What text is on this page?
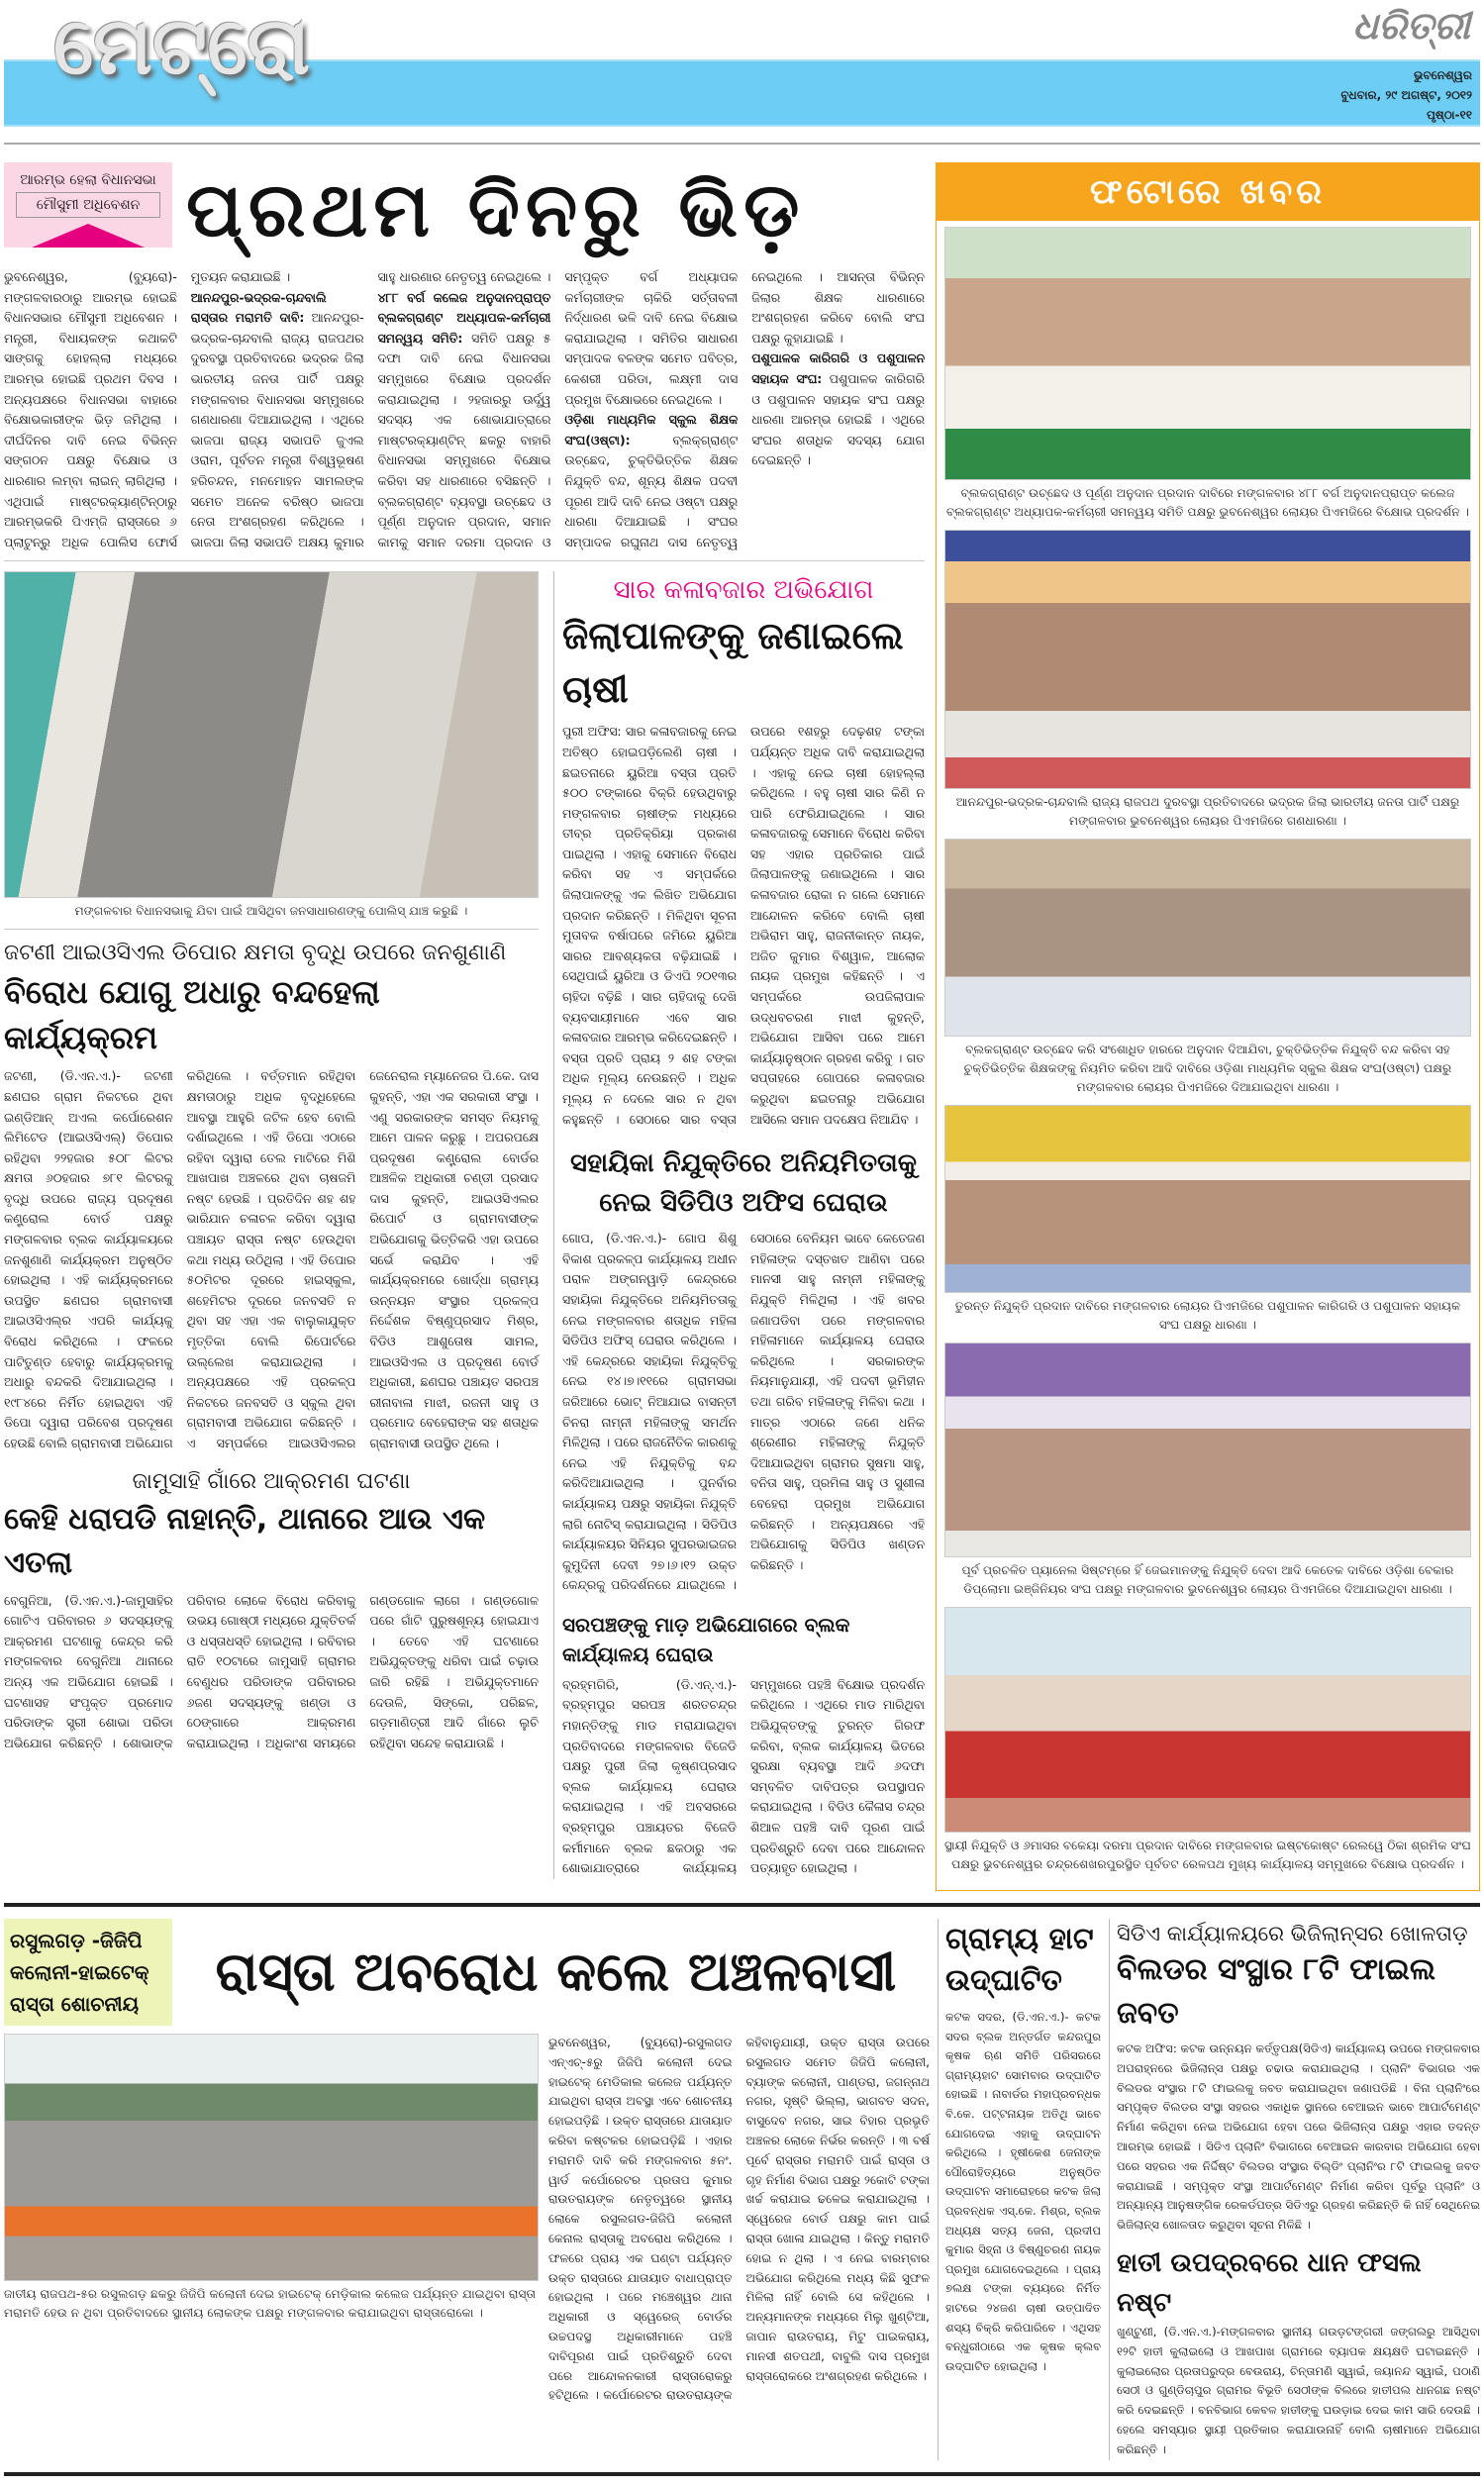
ମେଟ୍ରୋ	ଧରିତ୍ରୀ
ଭୁବନେଶ୍ୱର
ବୁଧବାର, ୨୯ ଅଗଷ୍ଟ, ୨୦୧୨
ପୃଷ୍ଠା-୧୧
ଆରମ୍ଭ ହେଲା ବିଧାନସଭା
ମୌସୁମୀ ଅଧିବେଶନ ପ୍ରଥମ ଦିନରୁ ଭିଡ଼
ଭୁବନେଶ୍ୱର, (ବ୍ୟୁରୋ)- ମଙ୍ଗଳବାରଠାରୁ ଆରମ୍ଭ ହୋଇଛି ବିଧାନସଭାର ମୌସୁମୀ ଅଧିବେଶନ । ମନ୍ତ୍ରୀ, ବିଧାୟକଙ୍କ କଥାକଟି ସାଙ୍ଗକୁ ହୋହଲ୍ଲା ମଧ୍ୟରେ ଆରମ୍ଭ ହୋଇଛି ପ୍ରଥମ ଦିବସ । ଅନ୍ୟପକ୍ଷରେ ବିଧାନସଭା ବାହାରେ ବିକ୍ଷୋଭକାରୀଙ୍କ ଭିଡ଼ ଜମିଥିଲା । ଦୀର୍ଘଦିନର ଦାବି ନେଇ ବିଭିନ୍ନ ସଙ୍ଗଠନ ପକ୍ଷରୁ ବିକ୍ଷୋଭ ଓ ଧାରଣାର ଲମ୍ବା ଲାଇନ୍ ଲାଗିଥିଲା । ଏଥିପାଇଁ ମାଷ୍ଟରକ୍ୟାଣ୍ଟିନ୍‌ଠାରୁ ଆରମ୍ଭକରି ପିଏମ୍‌ଜି ରାସ୍ତାରେ ୬ ପ୍ଲାଟୁନ୍‌ରୁ ଅଧିକ ପୋଲିସ ଫୋର୍ସ ମୁତୟନ କରାଯାଇଛି ।
ଆନନ୍ଦପୁର-ଭଦ୍ରକ-ଚାନ୍ଦବାଲି ରାସ୍ତାର ମରାମତି ଦାବି: ଆନନ୍ଦପୁର-ଭଦ୍ରକ-ଚାନ୍ଦବାଲି ରାଜ୍ୟ ରାଜପଥର ଦୁରବସ୍ଥା ପ୍ରତିବାଦରେ ଭଦ୍ରକ ଜିଲା ଭାରତୀୟ ଜନତା ପାର୍ଟି ପକ୍ଷରୁ ମଙ୍ଗଳବାର ବିଧାନସଭା ସମ୍ମୁଖରେ ଗଣଧାରଣା ଦିଆଯାଇଥିଲା । ଏଥିରେ ଭାଜପା ରାଜ୍ୟ ସଭାପତି ଜୁଏଲ ଓରାମ, ପୂର୍ବତନ ମନ୍ତ୍ରୀ ବିଶ୍ୱଭୂଷଣ ହରିଚନ୍ଦନ, ମନମୋହନ ସାମଲଙ୍କ ସମେତ ଅନେକ ବରିଷ୍ଠ ଭାଜପା ନେତା ଅଂଶଗ୍ରହଣ କରିଥିଲେ । ଭାଜପା ଜିଲା ସଭାପତି ଅକ୍ଷୟ କୁମାର ସାହୁ ଧାରଣାର ନେତୃତ୍ୱ ନେଇଥିଲେ ।
୪୮୮ ବର୍ଗ କଲେଜ ଅନୁଦାନପ୍ରାପ୍ତ ବ୍ଲକଗ୍ରାଣ୍ଟ ଅଧ୍ୟାପକ-କର୍ମଚାରୀ ସମନ୍ୱୟ ସମିତି: ସମିତି ପକ୍ଷରୁ ୫ ଦଫା ଦାବି ନେଇ ବିଧାନସଭା ସମ୍ମୁଖରେ ବିକ୍ଷୋଭ ପ୍ରଦର୍ଶନ କରାଯାଇଥିଲା । ୨ହଜାରରୁ ଊର୍ଦ୍ଧ୍ୱ ସଦସ୍ୟ ଏକ ଶୋଭାଯାତ୍ରାରେ ମାଷ୍ଟରକ୍ୟାଣ୍ଟିନ୍ ଛକରୁ ବାହାରି ବିଧାନସଭା ସମ୍ମୁଖରେ ବିକ୍ଷୋଭ କରିବା ସହ ଧାରଣାରେ ବସିଛନ୍ତି । ବ୍ଲକଗ୍ରାଣ୍ଟ ବ୍ୟବସ୍ଥା ଉଚ୍ଛେଦ ଓ ପୂର୍ଣ୍ଣ ଅନୁଦାନ ପ୍ରଦାନ, ସମାନ କାମକୁ ସମାନ ଦରମା ପ୍ରଦାନ ଓ ସମ୍ପୃକ୍ତ ବର୍ଗ ଅଧ୍ୟାପକ କର୍ମଚାରୀଙ୍କ ଚାକିରି ସର୍ତ୍ତାବଳୀ ନିର୍ଦ୍ଧାରଣ ଭଳି ଦାବି ନେଇ ବିକ୍ଷୋଭ କରାଯାଇଥିଲା । ସମିତିର ସାଧାରଣ ସମ୍ପାଦକ ବଳଙ୍କ ସମେତ ପବିତ୍ର, କେଶରୀ ପରିଡା, ଲକ୍ଷ୍ମୀ ଦାସ ପ୍ରମୁଖ ବିକ୍ଷୋଭରେ ନେଇଥିଲେ ।
ଓଡ଼ିଶା ମାଧ୍ୟମିକ ସ୍କୁଲ ଶିକ୍ଷକ ସଂଘ(ଓଷ୍ଟା): ବ୍ଲକ୍‌ଗ୍ରାଣ୍ଟ ଉଚ୍ଛେଦ, ଚୁକ୍ତିଭିତ୍ତିକ ଶିକ୍ଷକ ନିଯୁକ୍ତି ବନ୍ଦ, ଶୂନ୍ୟ ଶିକ୍ଷକ ପଦବୀ ପୂରଣ ଆଦି ଦାବି ନେଇ ଓଷ୍ଟା ପକ୍ଷରୁ ଧାରଣା ଦିଆଯାଇଛି । ସଂଘର ସମ୍ପାଦକ ରଘୁନାଥ ଦାସ ନେତୃତ୍ୱ ନେଇଥିଲେ । ଆସନ୍ତା ବିଭିନ୍ନ ଜିଲାର ଶିକ୍ଷକ ଧାରଣାରେ ଅଂଶଗ୍ରହଣ କରିବେ ବୋଲି ସଂଘ ପକ୍ଷରୁ କୁହାଯାଇଛି ।
ପଶୁପାଳକ କାରିଗରି ଓ ପଶୁପାଳନ ସହାୟକ ସଂଘ: ପଶୁପାଳକ କାରିଗରି ଓ ପଶୁପାଳନ ସହାୟକ ସଂଘ ପକ୍ଷରୁ ଧାରଣା ଆରମ୍ଭ ହୋଇଛି । ଏଥିରେ ସଂଘର ଶତାଧିକ ସଦସ୍ୟ ଯୋଗ ଦେଇଛନ୍ତି ।
ମଙ୍ଗଳବାର ବିଧାନସଭାକୁ ଯିବା ପାଇଁ ଆସିଥିବା ଜନସାଧାରଣଙ୍କୁ ପୋଲିସ୍ ଯାଞ୍ଚ କରୁଛି ।
ଜଟଣୀ ଆଇଓସିଏଲ ଡିପୋର କ୍ଷମତା ବୃଦ୍ଧି ଉପରେ ଜନଶୁଣାଣି
ବିରୋଧ ଯୋଗୁ ଅଧାରୁ ବନ୍ଦହେଲା କାର୍ଯ୍ୟକ୍ରମ
ଜଟଣୀ, (ଡି.ଏନ.ଏ.)- ଜଟଣୀ ଛଣଘର ଗ୍ରାମ ନିକଟରେ ଥିବା ଇଣ୍ଡିଆନ୍ ଅଏଲ କର୍ପୋରେଶନ ଲିମିଟେଡ (ଆଇଓସିଏଲ୍) ଡିପୋର ରହିଥିବା ୨୨ହଜାର ୫୦୮ ଲିଟର କ୍ଷମତା ୬୦ହଜାର ୭୮୧ ଲିଟରକୁ ବୃଦ୍ଧି ଉପରେ ରାଜ୍ୟ ପ୍ରଦୂଷଣ କଣ୍ଟ୍ରୋଲ ବୋର୍ଡ ପକ୍ଷରୁ ମଙ୍ଗଳବାର ବ୍ଲକ କାର୍ଯ୍ୟାଳୟରେ ଜନଶୁଣାଣି କାର୍ଯ୍ୟକ୍ରମ ଅନୁଷ୍ଠିତ ହୋଇଥିଲା । ଏହି କାର୍ଯ୍ୟକ୍ରମରେ ଉପସ୍ଥିତ ଛଣଘର ଗ୍ରାମବାସୀ ଆଇଓସିଏଲ୍‌ର ଏପରି କାର୍ଯ୍ୟକୁ ବିରୋଧ କରିଥିଲେ । ଫଳରେ ପାଟିତୁଣ୍ଡ ହେବାରୁ କାର୍ଯ୍ୟକ୍ରମକୁ ଅଧାରୁ ବନ୍ଦକରି ଦିଆଯାଇଥିଲା । ୧୯୮୪ରେ ନିର୍ମିତ ହୋଇଥିବା ଏହି ଡିପୋ ଦ୍ୱାରା ପରିବେଶ ପ୍ରଦୂଷଣ ହେଉଛି ବୋଲି ଗ୍ରାମବାସୀ ଅଭିଯୋଗ କରିଥିଲେ । ବର୍ତ୍ତମାନ ରହିଥିବା କ୍ଷମତାଠାରୁ ଅଧିକ ବୃଦ୍ଧିହେଲେ ଆବସ୍ଥା ଆହୁରି ଜଟିଳ ହେବ ବୋଲି ଦର୍ଶାଇଥିଲେ । ଏହି ଡିପୋ ଏଠାରେ ରହିବା ଦ୍ୱାରା ତେଲ ମାଟିରେ ମିଶି ଆଖପାଖ ଅଞ୍ଚଳରେ ଥିବା ଚାଷଜମି ନଷ୍ଟ ହେଉଛି । ପ୍ରତିଦିନ ଶହ ଶହ ଭାରିଯାନ ଚଳାଚଳ କରିବା ଦ୍ୱାରା ପଞ୍ଚାୟତ ରାସ୍ତା ନଷ୍ଟ ହେଉଥିବା କଥା ମଧ୍ୟ ଉଠିଥିଲା । ଏହି ଡିପୋର ୫୦ମିଟର ଦୂରରେ ହାଇସ୍କୁଲ, ଶହେମିଟର ଦୂରରେ ଜନବସତି ନ ଥିବା ସହ ଏହା ଏକ ବାଲୁକାଯୁକ୍ତ ମୃତ୍ତିକା ବୋଲି ରିପୋର୍ଟରେ ଉଲ୍ଲେଖ କରାଯାଇଥିଲା । ଅନ୍ୟପକ୍ଷରେ ଏହି ପ୍ରକଳ୍ପ ନିକଟରେ ଜନବସତି ଓ ସ୍କୁଲ ଥିବା ଗ୍ରାମବାସୀ ଅଭିଯୋଗ କରିଛନ୍ତି । ଏ ସମ୍ପର୍କରେ ଆଇଓସିଏଲର ଜେନେରାଲ ମ୍ୟାନେଜର ପି.କେ. ଦାସ କୁହନ୍ତି, ଏହା ଏକ ସରକାରୀ ସଂସ୍ଥା । ଏଣୁ ସରକାରଙ୍କ ସମସ୍ତ ନିୟମକୁ ଆମେ ପାଳନ କରୁଛୁ । ଅପରପକ୍ଷେ ପ୍ରଦୂଷଣ କଣ୍ଟ୍ରୋଲ ବୋର୍ଡର ଆଞ୍ଚଳିକ ଅଧିକାରୀ ଚଣ୍ଡୀ ପ୍ରସାଦ ଦାସ କୁହନ୍ତି, ଆଇଓସିଏଲର ରିପୋର୍ଟ ଓ ଗ୍ରାମବାସୀଙ୍କ ଅଭିଯୋଗକୁ ଭିତ୍ତିକରି ଏହା ଉପରେ ସର୍ଭେ କରାଯିବ । ଏହି କାର୍ଯ୍ୟକ୍ରମରେ ଖୋର୍ଦ୍ଧା ଗ୍ରାମ୍ୟ ଉନ୍ନୟନ ସଂସ୍ଥାର ପ୍ରକଳ୍ପ ନିର୍ଦ୍ଦେଶକ ବିଷ୍ଣୁପ୍ରସାଦ ମିଶ୍ର, ବିଡିଓ ଆଶୁତୋଷ ସାମଲ, ଆଇଓସିଏଲ ଓ ପ୍ରଦୂଷଣ ବୋର୍ଡ ଅଧିକାରୀ, ଛଣଘର ପଞ୍ଚାୟତ ସରପଞ୍ଚ ରୀନାବାଳା ମାଝୀ, ରଜନୀ ସାହୁ ଓ ପ୍ରମୋଦ ବେହେରାଙ୍କ ସହ ଶତାଧିକ ଗ୍ରାମବାସୀ ଉପସ୍ଥିତ ଥିଲେ ।
ଜାମୁସାହି ଗାଁରେ ଆକ୍ରମଣ ଘଟଣା
କେହି ଧରାପଡି ନାହାନ୍ତି, ଥାନାରେ ଆଉ ଏକ ଏତଲା
ବେଗୁନିଆ, (ଡି.ଏନ.ଏ.)-ଜାମୁସାହିର ଗୋଟିଏ ପରିବାରର ୬ ସଦସ୍ୟଙ୍କୁ ଆକ୍ରମଣ ଘଟଣାକୁ କେନ୍ଦ୍ର କରି ମଙ୍ଗଳବାର ବେଗୁନିଆ ଥାନାରେ ଅନ୍ୟ ଏକ ଅଭିଯୋଗ ହୋଇଛି । ଘଟଣାସହ ସଂପୃକ୍ତ ପ୍ରମୋଦ ପରିଡାଙ୍କ ସ୍ତ୍ରୀ ଶୋଭା ପରିଡା ଅଭିଯୋଗ କରିଛନ୍ତି । ଶୋଭାଙ୍କ ପରିବାର ଲୋକେ ବିରୋଧ କରିବାକୁ ଉଭୟ ଗୋଷ୍ଠୀ ମଧ୍ୟରେ ଯୁକ୍ତିତର୍କ ଓ ଧସ୍ତାଧସ୍ତି ହୋଇଥିଲା । ରବିବାର ରାତି ୧୦ଟାରେ ଜାମୁସାହି ଗ୍ରାମର ବେଣୁଧର ପରିଡାଙ୍କ ପରିବାରର ୬ଜଣ ସଦସ୍ୟଙ୍କୁ ଖଣ୍ଡା ଓ ଠେଙ୍ଗାରେ ଆକ୍ରମଣ କରାଯାଇଥିଲା । ଅଧିକାଂଶ ସମୟରେ ଗଣ୍ଡଗୋଳ ଲାଗେ । ଗଣ୍ଡଗୋଳ ପରେ ଗାଁଟି ପୁରୁଷଶୂନ୍ୟ ହୋଇଯାଏ । ତେବେ ଏହି ଘଟଣାରେ ଅଭିଯୁକ୍ତଙ୍କୁ ଧରିବା ପାଇଁ ଚଢ଼ାଉ ଜାରି ରହିଛି । ଅଭିଯୁକ୍ତମାନେ ଦେଉଳି, ସିଙ୍କୋ, ପରିଛଳ, ଗଡ଼ମାଣିତ୍ରୀ ଆଦି ଗାଁରେ ଲୁଚି ରହିଥିବା ସନ୍ଦେହ କରାଯାଉଛି ।
ସାର କଳାବଜାର ଅଭିଯୋଗ
ଜିଲାପାଳଙ୍କୁ ଜଣାଇଲେ ଚାଷୀ
ପୁରୀ ଅଫିସ: ସାର କଳାବଜାରକୁ ନେଇ ଅତିଷ୍ଠ ହୋଇପଡ଼ିଲେଣି ଚାଷୀ । ଛଇତନାରେ ୟୁରିଆ ବସ୍ତା ପ୍ରତି ୫୦୦ ଟଙ୍କାରେ ବିକ୍ରି ହେଉଥିବାରୁ ମଙ୍ଗଳବାର ଚାଷୀଙ୍କ ମଧ୍ୟରେ ତୀବ୍ର ପ୍ରତିକ୍ରିୟା ପ୍ରକାଶ ପାଇଥିଲା । ଏହାକୁ ସେମାନେ ବିରୋଧ କରିବା ସହ ଏ ସମ୍ପର୍କରେ ଜିଲାପାଳଙ୍କୁ ଏକ ଲିଖିତ ଅଭିଯୋଗ ପ୍ରଦାନ କରିଛନ୍ତି । ମିଳିଥିବା ସୂଚନା ମୁତାବକ ବର୍ଷାପରେ ଜମିରେ ୟୁରିଆ ସାରର ଆବଶ୍ୟକତା ବଢ଼ିଯାଇଛି । ସେଥିପାଇଁ ୟୁରିଆ ଓ ଡିଏପି ୨୦୧୩ର ଚାହିଦା ବଢ଼ିଛି । ସାର ଚାହିଦାକୁ ଦେଖି ବ୍ୟବସାୟୀମାନେ ଏବେ ସାର କଳାବଜାର ଆରମ୍ଭ କରିଦେଇଛନ୍ତି । ବସ୍ତା ପ୍ରତି ପ୍ରାୟ ୨ ଶହ ଟଙ୍କା ଅଧିକ ମୂଲ୍ୟ ନେଉଛନ୍ତି । ଅଧିକ ମୂଲ୍ୟ ନ ଦେଲେ ସାର ନ ଥିବା କହୁଛନ୍ତି । ସେଠାରେ ସାର ବସ୍ତା ଉପରେ ୧ଶହରୁ ଦେଢ଼ଶହ ଟଙ୍କା ପର୍ଯ୍ୟନ୍ତ ଅଧିକ ଦାବି କରାଯାଇଥିଲା । ଏହାକୁ ନେଇ ଚାଷୀ ହୋହଲ୍ଲା କରିଥିଲେ । ବହୁ ଚାଷୀ ସାର କିଣି ନ ପାରି ଫେରିଯାଇଥିଲେ । ସାର କଳାବଜାରକୁ ସେମାନେ ବିରୋଧ କରିବା ସହ ଏହାର ପ୍ରତିକାର ପାଇଁ ଜିଲାପାଳଙ୍କୁ ଜଣାଇଥିଲେ । ସାର କଳାବଜାର ରୋକା ନ ଗଲେ ସେମାନେ ଆନ୍ଦୋଳନ କରିବେ ବୋଲି ଚାଷୀ ଅଭିରାମ ସାହୁ, ରାଜନୀକାନ୍ତ ନାୟକ, ଅଜିତ କୁମାର ବିଶ୍ୱାଳ, ଆଲୋକ ନାୟକ ପ୍ରମୁଖ କହିଛନ୍ତି । ଏ ସମ୍ପର୍କରେ ଉପଜିଲାପାଳ ଉଦ୍ଧବଚରଣ ମାଝୀ କୁହନ୍ତି, ଅଭିଯୋଗ ଆସିବା ପରେ ଆମେ କାର୍ଯ୍ୟାନୁଷ୍ଠାନ ଗ୍ରହଣ କରିବୁ । ଗତ ସପ୍ତାହରେ ଗୋପରେ କଳାବଜାର କରୁଥିବା ଛଇତନାରୁ ଅଭିଯୋଗ ଆସିଲେ ସମାନ ପଦକ୍ଷେପ ନିଆଯିବ ।
ସହାୟିକା ନିଯୁକ୍ତିରେ ଅନିୟମିତତାକୁ
ନେଇ ସିଡିପିଓ ଅଫିସ ଘେରାଉ
ଗୋପ, (ଡି.ଏନ.ଏ.)- ଗୋପ ଶିଶୁ ବିକାଶ ପ୍ରକଳ୍ପ କାର୍ଯ୍ୟାଳୟ ଅଧୀନ ପରାଳ ଅଙ୍ଗନୱାଡ଼ି କେନ୍ଦ୍ରରେ ସହାୟିକା ନିଯୁକ୍ତିରେ ଅନିୟମିତତାକୁ ନେଇ ମଙ୍ଗଳବାର ଶତାଧିକ ମହିଳା ସିଡିପିଓ ଅଫିସ୍ ଘେରାଉ କରିଥିଲେ । ଏହି କେନ୍ଦ୍ରରେ ସହାୟିକା ନିଯୁକ୍ତିକୁ ନେଇ ୧୪।୭।୧୧ରେ ଗ୍ରାମସଭା ଜରିଆରେ ଭୋଟ୍ ନିଆଯାଇ ବାସନ୍ତୀ ଚିନରା ନାମ୍ନୀ ମହିଳାଙ୍କୁ ସମର୍ଥନ ମିଳିଥିଲା । ପରେ ରାଜନୈତିକ କାରଣକୁ ନେଇ ଏହି ନିଯୁକ୍ତିକୁ ବନ୍ଦ କରିଦିଆଯାଇଥିଲା । ପୁନର୍ବାର କାର୍ଯ୍ୟାଳୟ ପକ୍ଷରୁ ସହାୟିକା ନିଯୁକ୍ତି ଲାଗି ନୋଟିସ୍ କରାଯାଇଥିଲା । ସିଡିପିଓ କାର୍ଯ୍ୟାଳୟର ସିନିୟର ସୁପରଭାଇଜର କୁମୁଦିନୀ ଦେବୀ ୨୭।୬।୧୨ ଉକ୍ତ କେନ୍ଦ୍ରକୁ ପରିଦର୍ଶନରେ ଯାଇଥିଲେ । ସେଠାରେ ବେନିୟମ ଭାବେ କେତେଜଣ ମହିଳାଙ୍କ ଦସ୍ତଖତ ଆଣିବା ପରେ ମାନସୀ ସାହୁ ନାମ୍ନୀ ମହିଳାଙ୍କୁ ନିଯୁକ୍ତି ମିଳିଥିଲା । ଏହି ଖବର ଜଣାପଡିବା ପରେ ମଙ୍ଗଳବାର ମହିଳାମାନେ କାର୍ଯ୍ୟାଳୟ ଘେରାଉ କରିଥିଲେ । ସରକାରଙ୍କ ନିୟମାନୁଯାୟୀ, ଏହି ପଦବୀ ଭୂମିହୀନ ତଥା ଗରିବ ମହିଳାଙ୍କୁ ମିଳିବା କଥା । ମାତ୍ର ଏଠାରେ ଜଣେ ଧନିକ ଶ୍ରେଣୀର ମହିଳାଙ୍କୁ ନିଯୁକ୍ତି ଦିଆଯାଇଥିବା ଗ୍ରାମର ସୁଷମା ସାହୁ, ବନିତା ସାହୁ, ପ୍ରମିଳା ସାହୁ ଓ ସୁଶୀଳା ବେହେରା ପ୍ରମୁଖ ଅଭିଯୋଗ କରିଛନ୍ତି । ଅନ୍ୟପକ୍ଷରେ ଏହି ଅଭିଯୋଗକୁ ସିଡିପିଓ ଖଣ୍ଡନ କରିଛନ୍ତି ।
ସରପଞ୍ଚଙ୍କୁ ମାଡ଼ ଅଭିଯୋଗରେ ବ୍ଲକ କାର୍ଯ୍ୟାଳୟ ଘେରାଉ
ବ୍ରହ୍ମଗିରି, (ଡି.ଏନ୍.ଏ.)- ବ୍ରହ୍ମପୁର ସରପଞ୍ଚ ଶରତଚନ୍ଦ୍ର ମହାନ୍ତିଙ୍କୁ ମାଡ ମରାଯାଇଥିବା ପ୍ରତିବାଦରେ ମଙ୍ଗଳବାର ବିଜେଡି ପକ୍ଷରୁ ପୁରୀ ଜିଲା କୃଷ୍ଣପ୍ରସାଦ ବ୍ଲକ କାର୍ଯ୍ୟାଳୟ ଘେରାଉ କରାଯାଇଥିଲା । ଏହି ଅବସରରେ ବ୍ରହ୍ମପୁର ପଞ୍ଚାୟତର ବିଜେଡି କର୍ମୀମାନେ ବ୍ଲକ ଛକଠାରୁ ଏକ ଶୋଭାଯାତ୍ରାରେ କାର୍ଯ୍ୟାଳୟ ସମ୍ମୁଖରେ ପହଞ୍ଚି ବିକ୍ଷୋଭ ପ୍ରଦର୍ଶନ କରିଥିଲେ । ଏଥିରେ ମାଡ ମାରିଥିବା ଅଭିଯୁକ୍ତଙ୍କୁ ତୁରନ୍ତ ଗିରଫ କରିବା, ବ୍ଲକ କାର୍ଯ୍ୟାଳୟ ଭିତରେ ସୁରକ୍ଷା ବ୍ୟବସ୍ଥା ଆଦି ୬ଦଫା ସମ୍ବଳିତ ଦାବିପତ୍ର ଉପସ୍ଥାପନ କରାଯାଇଥିଲା । ବିଡିଓ କୈଳାସ ଚନ୍ଦ୍ର ଶିଆଳ ପହଞ୍ଚି ଦାବି ପୂରଣ ପାଇଁ ପ୍ରତିଶ୍ରୁତି ଦେବା ପରେ ଆନ୍ଦୋଳନ ପତ୍ୟାହୃତ ହୋଇଥିଲା ।
ଫଟୋରେ ଖବର
ବ୍ଲକଗ୍ରାଣ୍ଟ ଉଚ୍ଛେଦ ଓ ପୂର୍ଣ୍ଣ ଅନୁଦାନ ପ୍ରଦାନ ଦାବିରେ ମଙ୍ଗଳବାର ୪୮୮ ବର୍ଗ ଅନୁଦାନପ୍ରାପ୍ତ କଲେଜ ବ୍ଲକଗ୍ରାଣ୍ଟ ଅଧ୍ୟାପକ-କର୍ମଚାରୀ ସମନ୍ୱୟ ସମିତି ପକ୍ଷରୁ ଭୁବନେଶ୍ୱର ଲୋୟର ପିଏମଜିରେ ବିକ୍ଷୋଭ ପ୍ରଦର୍ଶନ ।
ଆନନ୍ଦପୁର-ଭଦ୍ରକ-ଚାନ୍ଦବାଲି ରାଜ୍ୟ ରାଜପଥ ଦୁରବସ୍ଥା ପ୍ରତିବାଦରେ ଭଦ୍ରକ ଜିଲା ଭାରତୀୟ ଜନତା ପାର୍ଟି ପକ୍ଷରୁ ମଙ୍ଗଳବାର ଭୁବନେଶ୍ୱର ଲୋୟର ପିଏମଜିରେ ଗଣଧାରଣା ।
ବ୍ଲକଗ୍ରାଣ୍ଟ ଉଚ୍ଛେଦ କରି ସଂଶୋଧିତ ହାରରେ ଅନୁଦାନ ଦିଆଯିବା, ଚୁକ୍ତିଭିତ୍ତିକ ନିଯୁକ୍ତି ବନ୍ଦ କରିବା ସହ ଚୁକ୍ତିଭିତ୍ତିକ ଶିକ୍ଷକଙ୍କୁ ନିୟମିତ କରିବା ଆଦି ଦାବିରେ ଓଡ଼ିଶା ମାଧ୍ୟମିକ ସ୍କୁଲ ଶିକ୍ଷକ ସଂଘ(ଓଷ୍ଟା) ପକ୍ଷରୁ ମଙ୍ଗଳବାର ଲୋୟର ପିଏମଜିରେ ଦିଆଯାଇଥିବା ଧାରଣା ।
ତୁରନ୍ତ ନିଯୁକ୍ତି ପ୍ରଦାନ ଦାବିରେ ମଙ୍ଗଳବାର ଲୋୟର ପିଏମଜିରେ ପଶୁପାଳନ କାରିଗରି ଓ ପଶୁପାଳନ ସହାୟକ ସଂଘ ପକ୍ଷରୁ ଧାରଣା ।
ପୂର୍ବ ପ୍ରଚଳିତ ପ୍ୟାନେଲ ସିଷ୍ଟମ୍‌ରେ ହିଁ ଜେଇମାନଙ୍କୁ ନିଯୁକ୍ତି ଦେବା ଆଦି କେତେକ ଦାବିରେ ଓଡ଼ିଶା ବେକାର ଡିପ୍ଲୋମା ଇଞ୍ଜିନିୟର ସଂଘ ପକ୍ଷରୁ ମଙ୍ଗଳବାର ଭୁବନେଶ୍ୱର ଲୋୟର ପିଏମଜିରେ ଦିଆଯାଇଥିବା ଧାରଣା ।
ସ୍ଥାୟୀ ନିଯୁକ୍ତି ଓ ୬ମାସର ବକେୟା ଦରମା ପ୍ରଦାନ ଦାବିରେ ମଙ୍ଗଳବାର ଇଷ୍ଟକୋଷ୍ଟ ରେଲୱେ ଠିକା ଶ୍ରମିକ ସଂଘ ପକ୍ଷରୁ ଭୁବନେଶ୍ୱର ଚନ୍ଦ୍ରଶେଖରପୁରସ୍ଥିତ ପୂର୍ବତଟ ରେଳପଥ ମୁଖ୍ୟ କାର୍ଯ୍ୟାଳୟ ସମ୍ମୁଖରେ ବିକ୍ଷୋଭ ପ୍ରଦର୍ଶନ ।
ରସୁଲଗଡ଼ -ଜିଜିପି କଲୋନୀ-ହାଇଟେକ୍ ରାସ୍ତା ଶୋଚନୀୟ
ରାସ୍ତା ଅବରୋଧ କଲେ ଅଞ୍ଚଳବାସୀ
ଜାତୀୟ ରାଜପଥ-୫ର ରସୁଲଗଡ଼ ଛକରୁ ଜିଜିପି କଲୋନୀ ଦେଇ ହାଇଟେକ୍ ମେଡ଼ିକାଲ କଲେଜ ପର୍ଯ୍ୟନ୍ତ ଯାଇଥିବା ରାସ୍ତା ମରାମତି ହେଉ ନ ଥିବା ପ୍ରତିବାଦରେ ସ୍ଥାନୀୟ ଲୋକଙ୍କ ପକ୍ଷରୁ ମଙ୍ଗଳବାର କରାଯାଇଥିବା ରାସ୍ତାରୋକୋ ।
ଭୁବନେଶ୍ୱର, (ବ୍ୟୁରୋ)-ରସୁଲଗଡ ଏନ୍‌ଏଚ୍-୫ରୁ ଜିଜିପି କଲୋନୀ ଦେଇ ହାଇଟେକ୍ ମେଡିକାଲ କଲେଜ ପର୍ଯ୍ୟନ୍ତ ଯାଇଥିବା ରାସ୍ତା ଅବସ୍ଥା ଏବେ ଶୋଚନୀୟ ହୋଇପଡ଼ିଛି । ଉକ୍ତ ରାସ୍ତାରେ ଯାତାୟାତ କରିବା କଷ୍ଟକର ହୋଇପଡ଼ିଛି । ଏହାର ମରାମତି ଦାବି କରି ମଙ୍ଗଳବାର ୫ନଂ. ୱାର୍ଡ କର୍ପୋରେଟର ପ୍ରତାପ କୁମାର ରାଉତରାୟଙ୍କ ନେତୃତ୍ୱରେ ସ୍ଥାନୀୟ ଲୋକେ ରସୁଲଗଡ-ଜିଜିପି କଲୋନୀ କେନାଲ ରାସ୍ତାକୁ ଅବରୋଧ କରିଥିଲେ । ଫଳରେ ପ୍ରାୟ ଏକ ଘଣ୍ଟା ପର୍ଯ୍ୟନ୍ତ ଉକ୍ତ ରାସ୍ତାରେ ଯାତାୟାତ ବାଧାପ୍ରାପ୍ତ ହୋଇଥିଲା । ପରେ ମଞ୍ଚେଶ୍ୱର ଥାନା ଅଧିକାରୀ ଓ ସ୍ୱେରେଜ୍ ବୋର୍ଡର ଉଚ୍ଚପଦସ୍ଥ ଅଧିକାରୀମାନେ ପହଞ୍ଚି ଦାବିପୂରଣ ପାଇଁ ପ୍ରତିଶ୍ରୁତି ଦେବା ପରେ ଆନ୍ଦୋଳନକାରୀ ରାସ୍ତାରୋକରୁ ହଟିଥିଲେ । କର୍ପୋରେଟର ରାଉତରାୟଙ୍କ କହିବାନୁଯାୟୀ, ଉକ୍ତ ରାସ୍ତା ଉପରେ ରସୁଲଗଡ ସମେତ ଜିଜିପି କଲୋନୀ, ବ୍ୟାଙ୍କ କଲୋନୀ, ପାଣ୍ଡରା, ଜଗନ୍ନାଥ ନଗର, ସୃଷ୍ଟି ଭିଲ୍ଲା, ଭାଗବତ ସଦନ, ବାସୁଦେବ ନଗର, ସାଇ ବିହାର ପ୍ରଭୃତି ଅଞ୍ଚଳର ଲୋକେ ନିର୍ଭର କରନ୍ତି । ୩ ବର୍ଷ ପୂର୍ବେ ରାସ୍ତାର ମରାମତି ପାଇଁ ରାସ୍ତା ଓ ଗୃହ ନିର୍ମାଣ ବିଭାଗ ପକ୍ଷରୁ ୨କୋଟି ଟଙ୍କା ଖର୍ଚ୍ଚ କରାଯାଇ ଢଳେଇ କରାଯାଇଥିଲା । ସ୍ୱେରେଜ ବୋର୍ଡ ପକ୍ଷରୁ କାମ ପାଇଁ ରାସ୍ତା ଖୋଳା ଯାଇଥିଲା । କିନ୍ତୁ ମରାମତି ହୋଇ ନ ଥିଲା । ଏ ନେଇ ବାରମ୍ବାର ଅଭିଯୋଗ କରିଥିଲେ ମଧ୍ୟ କିଛି ସୁଫଳ ମିଳିଲା ନାହିଁ ବୋଲି ସେ କହିଥିଲେ । ଅନ୍ୟମାନଙ୍କ ମଧ୍ୟରେ ମିଲୁ ଖୁଣ୍ଟିଆ, ଜାପାନ ରାଉତରାୟ, ମିଟୁ ପାଇକରାୟ, ମାନସୀ ଶତପଥୀ, ବାବୁଲି ଦାସ ପ୍ରମୁଖ ରାସ୍ତାରୋକରେ ଅଂଶଗ୍ରହଣ କରିଥିଲେ ।
ଗ୍ରାମ୍ୟ ହାଟ
ଉଦ୍‌ଘାଟିତ
କଟକ ସଦର, (ଡି.ଏନ.ଏ.)- କଟକ ସଦର ବ୍ଲକ ଅନ୍ତର୍ଗତ କନ୍ଦରପୁର କୃଷକ ଋଣ ସମିତି ପରିସରରେ ଗ୍ରାମ୍ୟହାଟ ସୋମବାର ଉଦ୍‌ଘାଟିତ ହୋଇଛି । ନାବାର୍ଡର ମହାପ୍ରବନ୍ଧକ ବି.କେ. ପଟ୍ଟନାୟକ ଅତିଥି ଭାବେ ଯୋଗଦେଇ ଏହାକୁ ଉଦ୍‌ଘାଟନ କରିଥିଲେ । ହୃଷୀକେଶ ଜେନାଙ୍କ ପୌରୋହିତ୍ୟରେ ଅନୁଷ୍ଠିତ ଉଦ୍‌ଘାଟନ ସମାରୋହରେ କଟକ ଜିଲା ପ୍ରବନ୍ଧକ ଏସ୍.କେ. ମିଶ୍ର, ବ୍ଲକ ଅଧ୍ୟକ୍ଷ ସତ୍ୟ ଜେନା, ପ୍ରଦୀପ କୁମାର ସିହ୍ନା ଓ ବିଷ୍ଣୁଚରଣ ନାୟକ ପ୍ରମୁଖ ଯୋଗଦେଇଥିଲେ । ପ୍ରାୟ ୭ଲକ୍ଷ ଟଙ୍କା ବ୍ୟୟରେ ନିର୍ମିତ ହାଟରେ ୨୪ଜଣ ଚାଷୀ ଉତ୍ପାଦିତ ଶସ୍ୟ ବିକ୍ରି କରିପାରିବେ । ଏଥିସହ ବନ୍ଧୁରୀଠାରେ ଏକ କୃଷକ କ୍ଲବ ଉଦ୍‌ଘାଟିତ ହୋଇଥିଲା ।
ସିଡିଏ କାର୍ଯ୍ୟାଳୟରେ ଭିଜିଲାନ୍ସର ଖୋଳତାଡ଼
ବିଲଡର ସଂସ୍ଥାର ୮ଟି ଫାଇଲ ଜବତ
କଟକ ଅଫିସ: କଟକ ଉନ୍ନୟନ କର୍ତ୍ତୃପକ୍ଷ(ସିଡିଏ) କାର୍ଯ୍ୟାଳୟ ଉପରେ ମଙ୍ଗଳବାର ଅପରାହ୍ନରେ ଭିଜିଲାନ୍ସ ପକ୍ଷରୁ ଚଢାଉ କରାଯାଇଥିଲା । ପ୍ଲାନିଂ ବିଭାଗର ଏକ ବିଲଡର ସଂସ୍ଥାର ୮ଟି ଫାଇଲକୁ ଜବତ କରାଯାଇଥିବା ଜଣାପଡିଛି । ବିନା ପ୍ଲାନିଂରେ ସମ୍ପୃକ୍ତ ବିଲଡର ସଂସ୍ଥା ସହରର ଏକାଧିକ ସ୍ଥାନରେ ବେଆଇନ ଭାବେ ଆପାର୍ଟମେଣ୍ଟ ନିର୍ମାଣ କରିଥିବା ନେଇ ଅଭିଯୋଗ ହେବା ପରେ ଭିଜିଲାନ୍ସ ପକ୍ଷରୁ ଏହାର ତଦନ୍ତ ଆରମ୍ଭ ହୋଇଛି । ସିଡିଏ ପ୍ଲାନିଂ ବିଭାଗରେ ବେଆଇନ କାରବାର ଅଭିଯୋଗ ହେବା ପରେ ସହରର ଏକ ନିର୍ଦ୍ଦିଷ୍ଟ ବିଲଡର ସଂସ୍ଥାର ବିଲ୍ଡିଂ ପ୍ଲାନିଂର ୮ଟି ଫାଇଲକୁ ଜବତ କରାଯାଇଛି । ସମ୍ପୃକ୍ତ ସଂସ୍ଥା ଆପାର୍ଟମେଣ୍ଟ ନିର୍ମାଣ କରିବା ପୂର୍ବରୁ ପ୍ଲାନିଂ ଓ ଅନ୍ୟାନ୍ୟ ଆନୁଷଙ୍ଗିକ ରେକର୍ଡପତ୍ର ସିଡିଏରୁ ଗ୍ରହଣ କରିଛନ୍ତି କି ନାହିଁ ସେଥିନେଇ ଭିଜିଲାନ୍ସ ଖୋଳତାଡ କରୁଥିବା ସୂଚନା ମିଳିଛି ।
ହାତୀ ଉପଦ୍ରବରେ ଧାନ ଫସଲ ନଷ୍ଟ
ଖୁଣ୍ଟୁଣୀ, (ଡି.ଏନ.ଏ.)-ମଙ୍ଗଳବାର ସ୍ଥାନୀୟ ଗଉଡ଼ଟଙ୍ଗରୀ ଜଙ୍ଗଲରୁ ଆସିଥିବା ୧୨ଟି ହାତୀ କୁଲାଇଲୋ ଓ ଆଖପାଖ ଗ୍ରାମରେ ବ୍ୟାପକ କ୍ଷୟକ୍ଷତି ଘଟାଇଛନ୍ତି । କୁଲାଇଲୋର ପ୍ରତାପରୁଦ୍ର ବେଉରାୟ, ଚିନ୍ତାମଣି ସ୍ୱାଇଁ, ଜୟାନନ୍ଦ ସ୍ୱାଇଁ, ପଠାଣି ସେଠୀ ଓ ଗୁଣ୍ଡିଚାପୁର ଗ୍ରାମର ବିଭୂତି ସେଠୀଙ୍କ ବିଲରେ ହାତୀପଲ ଧାନଗଛ ନଷ୍ଟ କରି ଦେଇଛନ୍ତି । ବନବିଭାଗ କେବଳ ହାତୀଙ୍କୁ ଘଉଡ଼ାଇ ଦେଇ କାମ ସାରି ଦେଉଛି । ହେଲେ ସମସ୍ୟାର ସ୍ଥାୟୀ ପ୍ରତିକାର କରାଯାଉନାହିଁ ବୋଲି ଚାଷୀମାନେ ଅଭିଯୋଗ କରିଛନ୍ତି ।
